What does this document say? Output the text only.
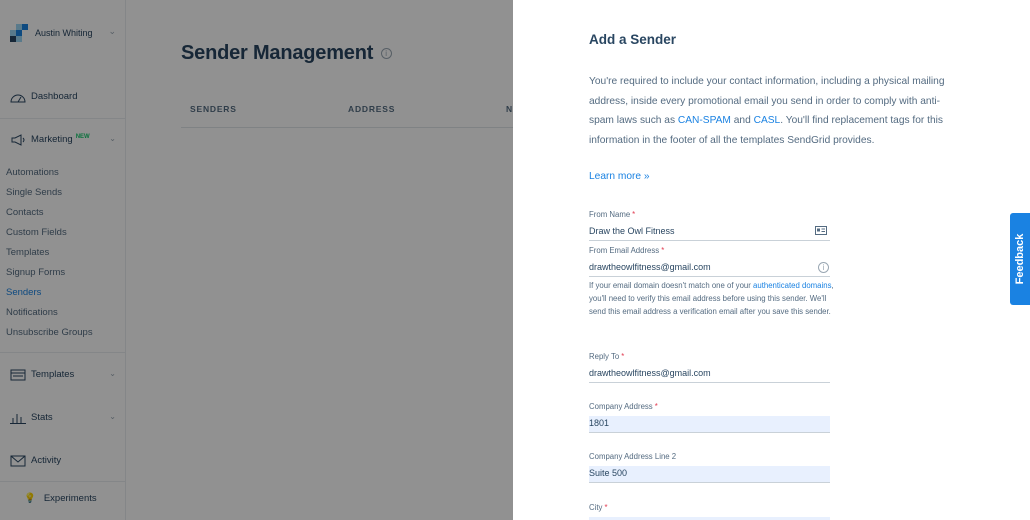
Austin Whiting ⌄
Dashboard
Marketing $^{NEW}$ ⌄
Automations
Single Sends
Contacts
Custom Fields
Templates
Signup Forms
Senders
Notifications
Unsubscribe Groups
Templates	⌄
Stats	⌄
Activity
💡 Experiments
Sender Management i
SENDERS	ADDRESS	N
Add a Sender
You're required to include your contact information, including a physical mailing address, inside every promotional email you send in order to comply with anti-spam laws such as CAN-SPAM and CASL. You'll find replacement tags for this information in the footer of all the templates SendGrid provides.
Learn more »
From Name *
Draw the Owl Fitness
From Email Address *
drawtheowlfitness@gmail.com	i
If your email domain doesn't match one of your authenticated domains, you'll need to verify this email address before using this sender. We'll send this email address a verification email after you save this sender.
Reply To *
drawtheowlfitness@gmail.com
Company Address *
1801
Company Address Line 2
Suite 500
City *
Feedback
